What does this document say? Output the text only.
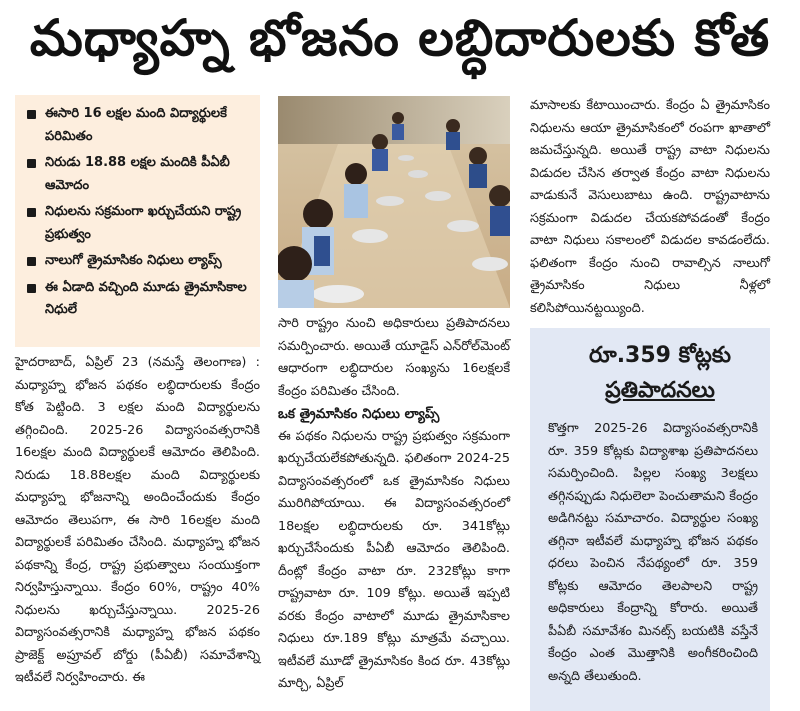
మధ్యాహ్న భోజనం లబ్ధిదారులకు కోత
ఈసారి 16 లక్షల మంది విద్యార్థులకే పరిమితం
నిరుడు 18.88 లక్షల మందికి పీఏబీ ఆమోదం
నిధులను సక్రమంగా ఖర్చుచేయని రాష్ట్ర ప్రభుత్వం
నాలుగో త్రైమాసికం నిధులు ల్యాప్స్
ఈ ఏడాది వచ్చింది మూడు త్రైమాసికాల నిధులే

హైదరాబాద్, ఏప్రిల్ 23 (నమస్తే తెలంగాణ) : మధ్యాహ్న భోజన పథకం లబ్ధిదారులకు కేంద్రం కోత పెట్టింది. 3 లక్షల మంది విద్యార్థులను తగ్గించింది. 2025-26 విద్యాసంవత్సరానికి 16లక్షల మంది విద్యార్థులకే ఆమోదం తెలిపింది. నిరుడు 18.88లక్షల మంది విద్యార్థులకు మధ్యాహ్న భోజనాన్ని అందించేందుకు కేంద్రం ఆమోదం తెలుపగా, ఈ సారి 16లక్షల మంది విద్యార్థులకే పరిమితం చేసింది. మధ్యాహ్న భోజన పథకాన్ని కేంద్ర, రాష్ట్ర ప్రభుత్వాలు సంయుక్తంగా నిర్వహిస్తున్నాయి. కేంద్రం 60%, రాష్ట్రం 40% నిధులను ఖర్చుచేస్తున్నాయి. 2025-26 విద్యాసంవత్సరానికి మధ్యాహ్న భోజన పథకం ప్రాజెక్ట్ అప్రూవల్ బోర్డు (పీఏబీ) సమావేశాన్ని ఇటీవలే నిర్వహించారు. ఈ

సారి రాష్ట్రం నుంచి అధికారులు ప్రతిపాదనలు సమర్పించారు. అయితే యూడైస్ ఎన్‌రోల్‌మెంట్ ఆధారంగా లబ్ధిదారుల సంఖ్యను 16లక్షలకే కేంద్రం పరిమితం చేసింది.

ఒక త్రైమాసికం నిధులు ల్యాప్స్

ఈ పథకం నిధులను రాష్ట్ర ప్రభుత్వం సక్రమంగా ఖర్చుచేయలేకపోతున్నది. ఫలితంగా 2024-25 విద్యాసంవత్సరంలో ఒక త్రైమాసికం నిధులు మురిగిపోయాయి. ఈ విద్యాసంవత్సరంలో 18లక్షల లబ్ధిదారులకు రూ. 341కోట్లు ఖర్చుచేసేందుకు పీఏబీ ఆమోదం తెలిపింది. దీంట్లో కేంద్రం వాటా రూ. 232కోట్లు కాగా రాష్ట్రవాటా రూ. 109 కోట్లు. అయితే ఇప్పటి వరకు కేంద్రం వాటాలో మూడు త్రైమాసికాల నిధులు రూ.189 కోట్లు మాత్రమే వచ్చాయి. ఇటీవలే మూడో త్రైమాసికం కింద రూ. 43కోట్లు మార్చి, ఏప్రిల్

మాసాలకు కేటాయించారు. కేంద్రం ఏ త్రైమాసికం నిధులను ఆయా త్రైమాసికంలో రంపగా ఖాతాలో జమచేస్తున్నది. అయితే రాష్ట్ర వాటా నిధులను విడుదల చేసిన తర్వాత కేంద్రం వాటా నిధులను వాడుకునే వెసులుబాటు ఉంది. రాష్ట్రవాటాను సక్రమంగా విడుదల చేయకపోవడంతో కేంద్రం వాటా నిధులు సకాలంలో విడుదల కావడంలేదు. ఫలితంగా కేంద్రం నుంచి రావాల్సిన నాలుగో త్రైమాసికం నిధులు నీళ్లలో కలిసిపోయినట్టయ్యింది.

రూ.359 కోట్లకు
ప్రతిపాదనలు

కొత్తగా 2025-26 విద్యాసంవత్సరానికి రూ. 359 కోట్లకు విద్యాశాఖ ప్రతిపాదనలు సమర్పించింది. పిల్లల సంఖ్య 3లక్షలు తగ్గినప్పుడు నిధులెలా పెంచుతామని కేంద్రం అడిగినట్టు సమాచారం. విద్యార్థుల సంఖ్య తగ్గినా ఇటీవలే మధ్యాహ్న భోజన పథకం ధరలు పెంచిన నేపథ్యంలో రూ. 359 కోట్లకు ఆమోదం తెలపాలని రాష్ట్ర అధికారులు కేంద్రాన్ని కోరారు. అయితే పీఏబీ సమావేశం మినట్స్ బయటికి వస్తేనే కేంద్రం ఎంత మొత్తానికి అంగీకరించింది అన్నది తేలుతుంది.
